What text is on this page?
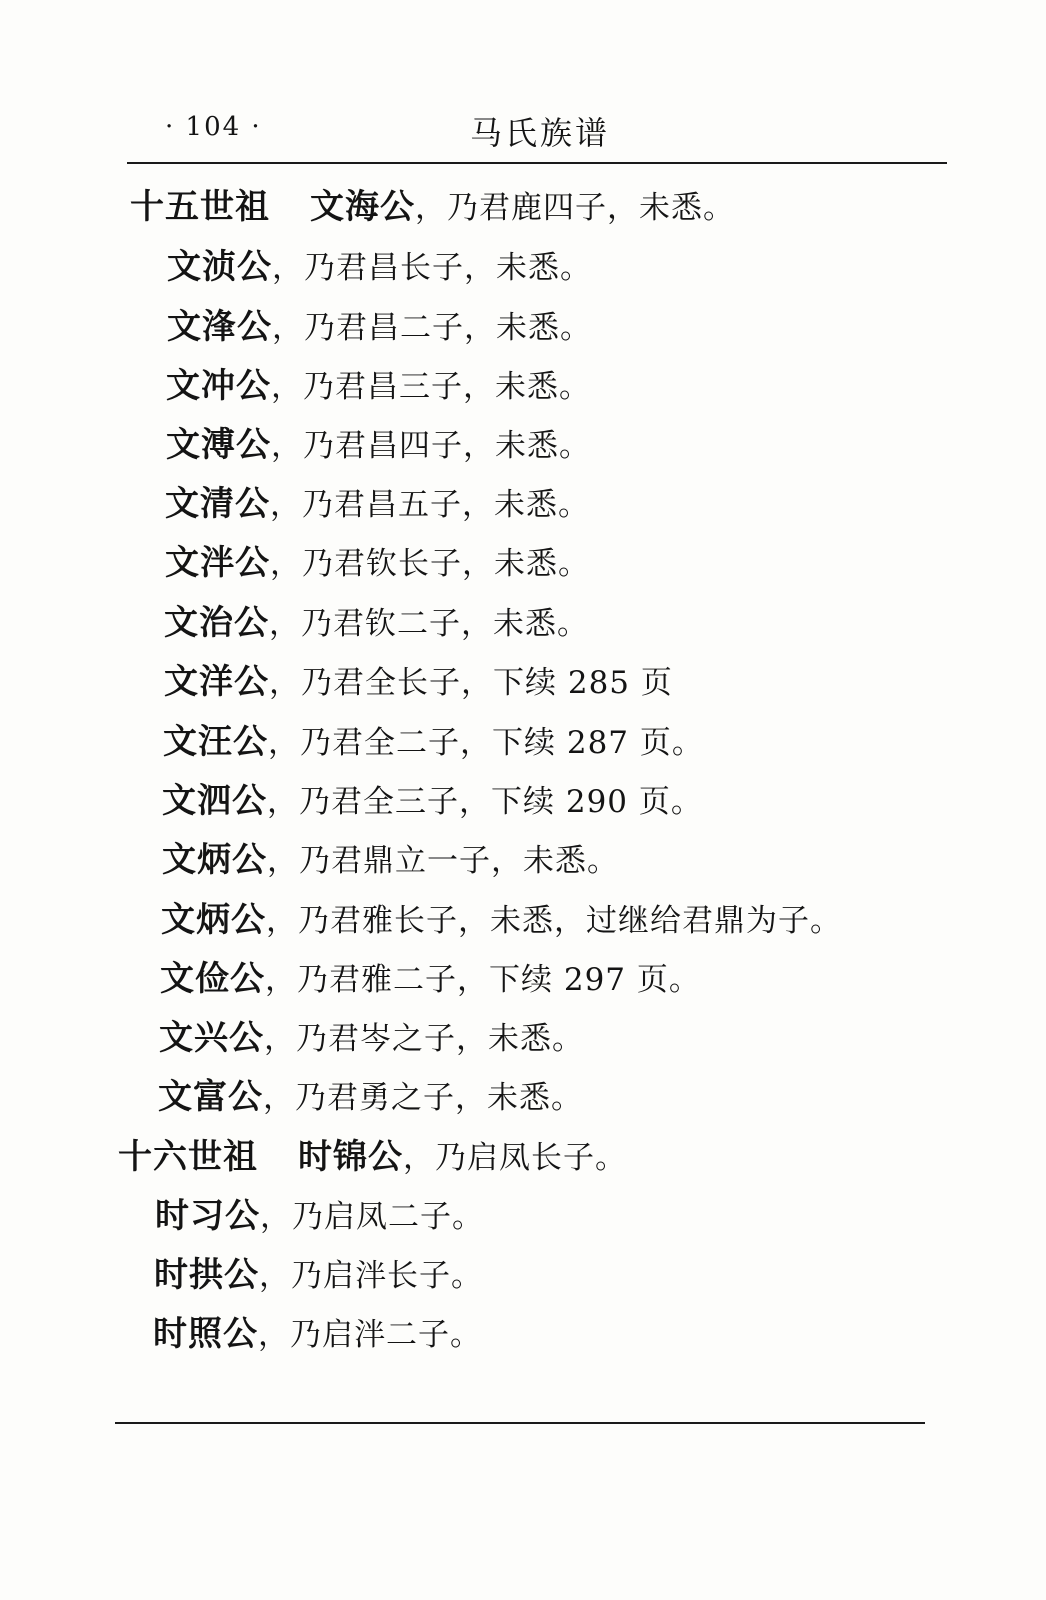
· 104 ·	马氏族谱
十五世祖 文海公，乃君鹿四子，未悉。
文浈公，乃君昌长子，未悉。
文浲公，乃君昌二子，未悉。
文冲公，乃君昌三子，未悉。
文溥公，乃君昌四子，未悉。
文清公，乃君昌五子，未悉。
文泮公，乃君钦长子，未悉。
文治公，乃君钦二子，未悉。
文洋公，乃君全长子，下续 285 页
文汪公，乃君全二子，下续 287 页。
文泗公，乃君全三子，下续 290 页。
文炳公，乃君鼎立一子，未悉。
文炳公，乃君雅长子，未悉，过继给君鼎为子。
文俭公，乃君雅二子，下续 297 页。
文兴公，乃君岑之子，未悉。
文富公，乃君勇之子，未悉。
十六世祖 时锦公，乃启凤长子。
时习公，乃启凤二子。
时拱公，乃启泮长子。
时照公，乃启泮二子。
